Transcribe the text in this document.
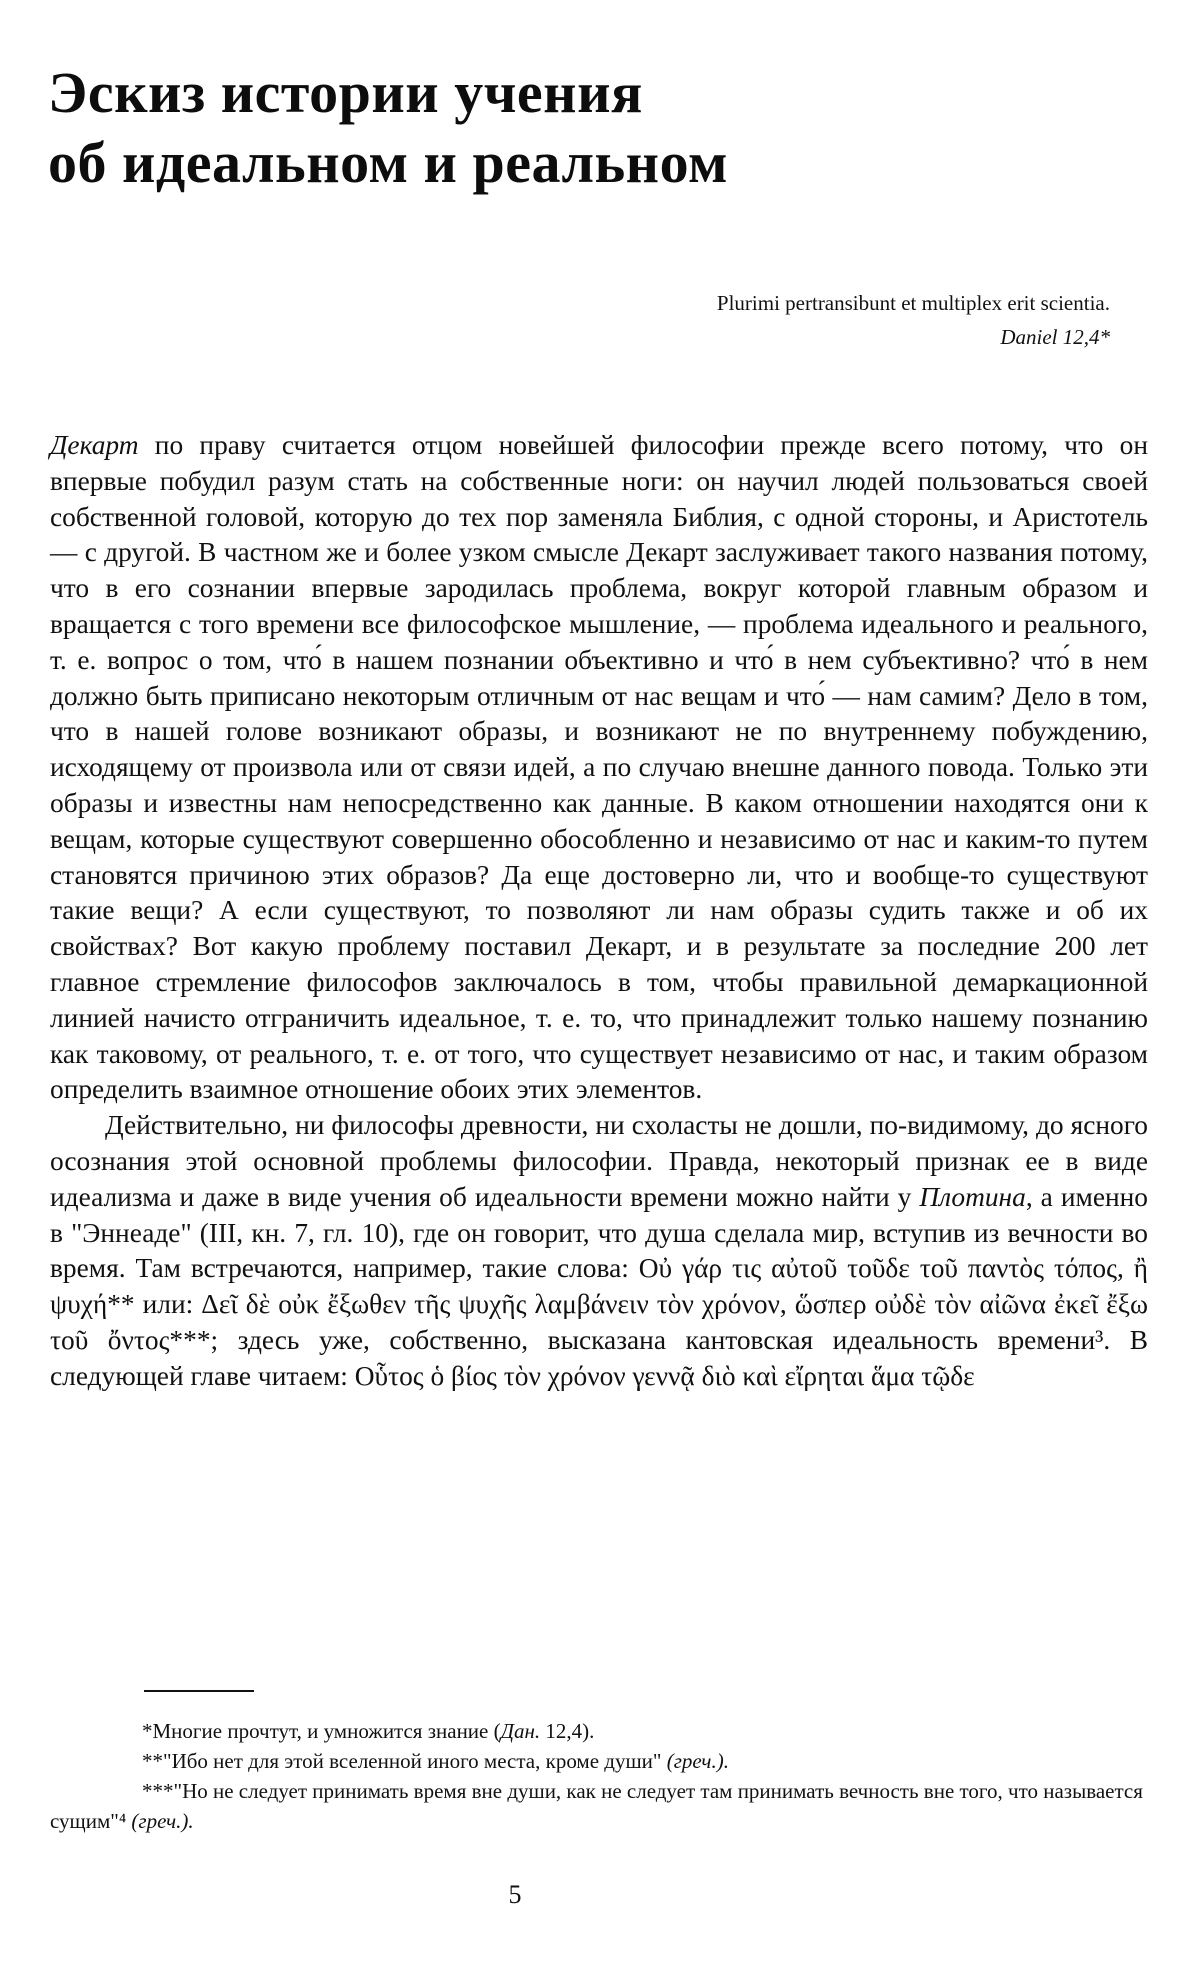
Эскиз истории учения
об идеальном и реальном
Plurimi pertransibunt et multiplex erit scientia.
Daniel 12,4*

Декарт по праву считается отцом новейшей философии прежде всего потому, что он впервые побудил разум стать на собственные ноги: он научил людей пользоваться своей собственной головой, которую до тех пор заменяла Библия, с одной стороны, и Аристотель — с другой. В частном же и более узком смысле Декарт заслуживает такого названия потому, что в его сознании впервые зародилась проблема, вокруг которой главным образом и вращается с того времени все философское мышление, — проблема идеального и реального, т. е. вопрос о том, что́ в нашем познании объективно и что́ в нем субъективно? что́ в нем должно быть приписано некоторым отличным от нас вещам и что́ — нам самим? Дело в том, что в нашей голове возникают образы, и возникают не по внутреннему побуждению, исходящему от произвола или от связи идей, а по случаю внешне данного повода. Только эти образы и известны нам непосредственно как данные. В каком отношении находятся они к вещам, которые существуют совершенно обособленно и независимо от нас и каким-то путем становятся причиною этих образов? Да еще достоверно ли, что и вообще-то существуют такие вещи? А если существуют, то позволяют ли нам образы судить также и об их свойствах? Вот какую проблему поставил Декарт, и в результате за последние 200 лет главное стремление философов заключалось в том, чтобы правильной демаркационной линией начисто отграничить идеальное, т. е. то, что принадлежит только нашему познанию как таковому, от реального, т. е. от того, что существует независимо от нас, и таким образом определить взаимное отношение обоих этих элементов.

Действительно, ни философы древности, ни схоласты не дошли, по-видимому, до ясного осознания этой основной проблемы философии. Правда, некоторый признак ее в виде идеализма и даже в виде учения об идеальности времени можно найти у Плотина, а именно в "Эннеаде" (III, кн. 7, гл. 10), где он говорит, что душа сделала мир, вступив из вечности во время. Там встречаются, например, такие слова: Οὐ γάρ τις αὐτοῦ τοῦδε τοῦ παντὸς τόπος, ἢ ψυχή** или: Δεῖ δὲ οὐκ ἔξωθεν τῆς ψυχῆς λαμβάνειν τὸν χρόνον, ὥσπερ οὐδὲ τὸν αἰῶνα ἐκεῖ ἔξω τοῦ ὄντος***; здесь уже, собственно, высказана кантовская идеальность времени³. В следующей главе читаем: Οὗτος ὁ βίος τὸν χρόνον γεννᾷ διὸ καὶ εἴρηται ἅμα τῷδε

*Многие прочтут, и умножится знание (Дан. 12,4).

**"Ибо нет для этой вселенной иного места, кроме души" (греч.).

***"Но не следует принимать время вне души, как не следует там принимать вечность вне того, что называется сущим"⁴ (греч.).

5
